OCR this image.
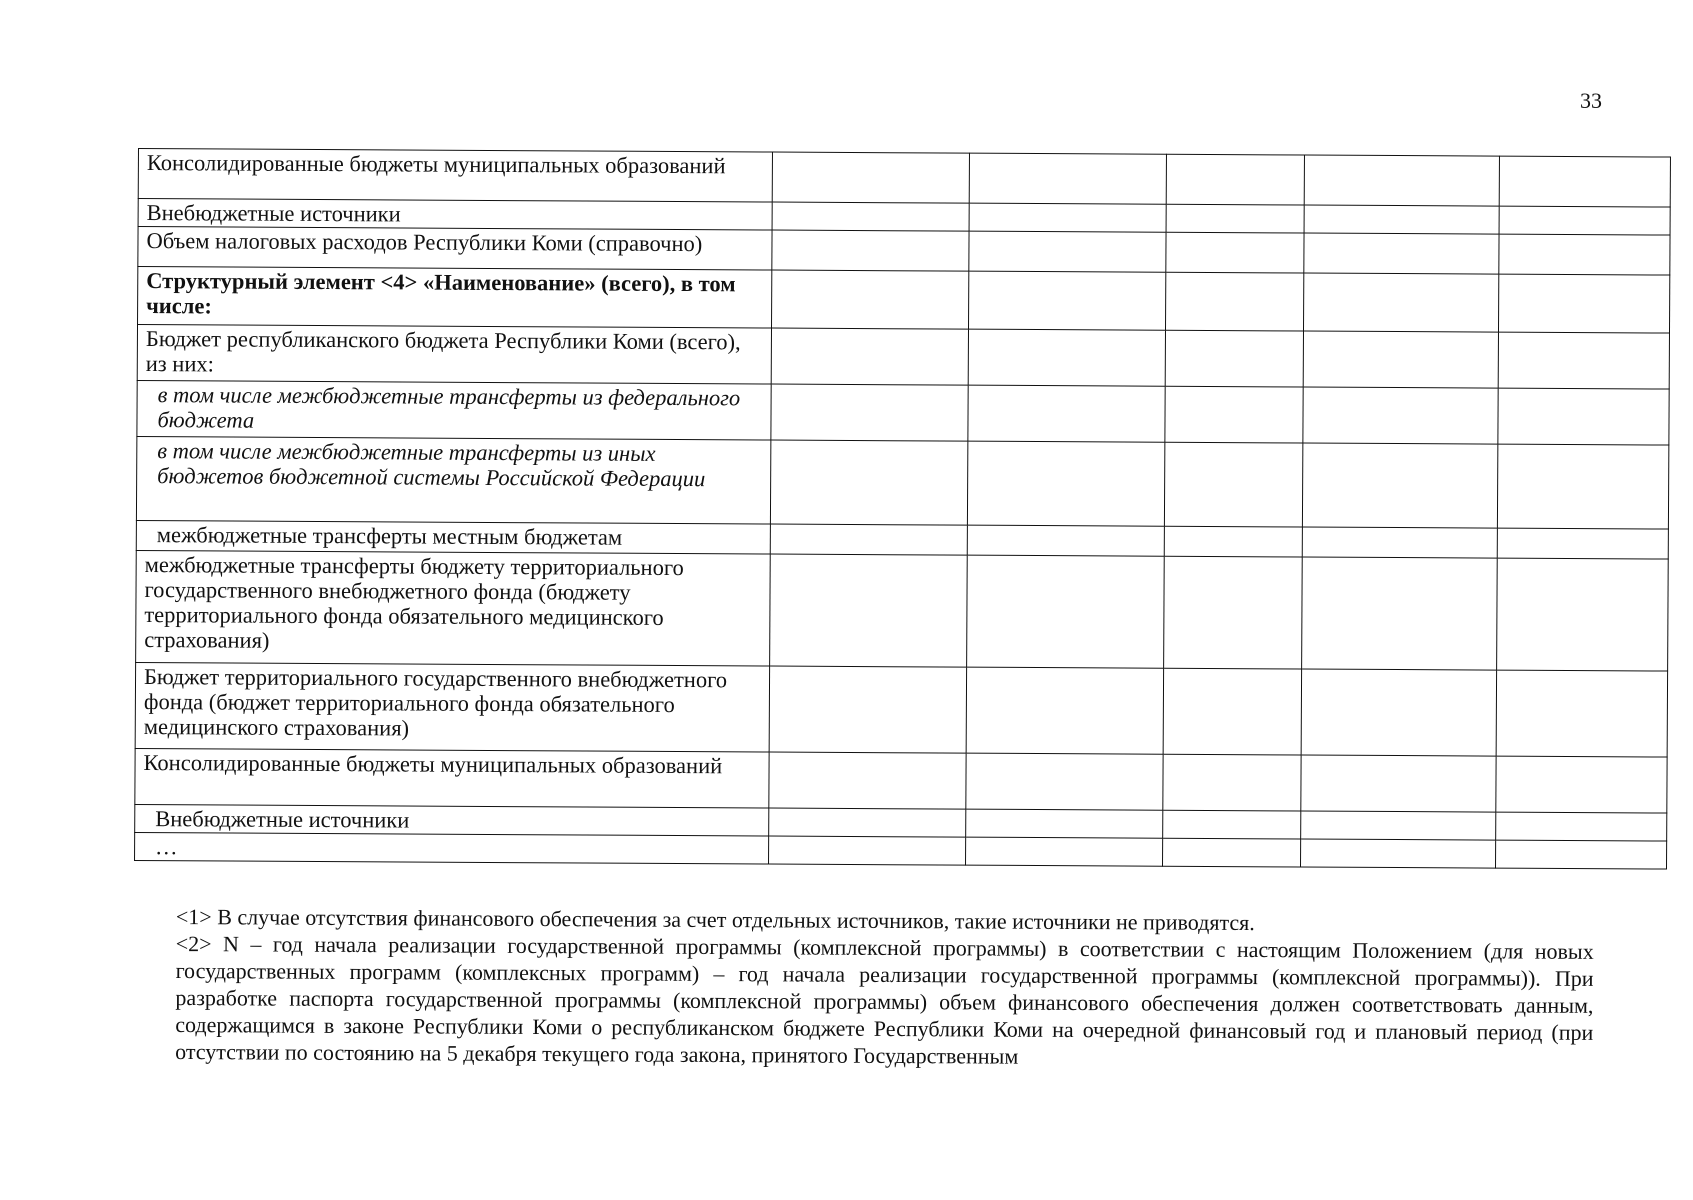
33
Консолидированные бюджеты муниципальных образований					
Внебюджетные источники					
Объем налоговых расходов Республики Коми (справочно)					
Структурный элемент <4> «Наименование» (всего), в том числе:					
Бюджет республиканского бюджета Республики Коми (всего), из них:					
в том числе межбюджетные трансферты из федерального бюджета					
в том числе межбюджетные трансферты из иных бюджетов бюджетной системы Российской Федерации					
межбюджетные трансферты местным бюджетам					
межбюджетные трансферты бюджету территориального государственного внебюджетного фонда (бюджету территориального фонда обязательного медицинского страхования)					
Бюджет территориального государственного внебюджетного фонда (бюджет территориального фонда обязательного медицинского страхования)					
Консолидированные бюджеты муниципальных образований					
Внебюджетные источники					
…					

<1> В случае отсутствия финансового обеспечения за счет отдельных источников, такие источники не приводятся.

<2> N – год начала реализации государственной программы (комплексной программы) в соответствии с настоящим Положением (для новых государственных программ (комплексных программ) – год начала реализации государственной программы (комплексной программы)). При разработке паспорта государственной программы (комплексной программы) объем финансового обеспечения должен соответствовать данным, содержащимся в законе Республики Коми о республиканском бюджете Республики Коми на очередной финансовый год и плановый период (при отсутствии по состоянию на 5 декабря текущего года закона, принятого Государственным
